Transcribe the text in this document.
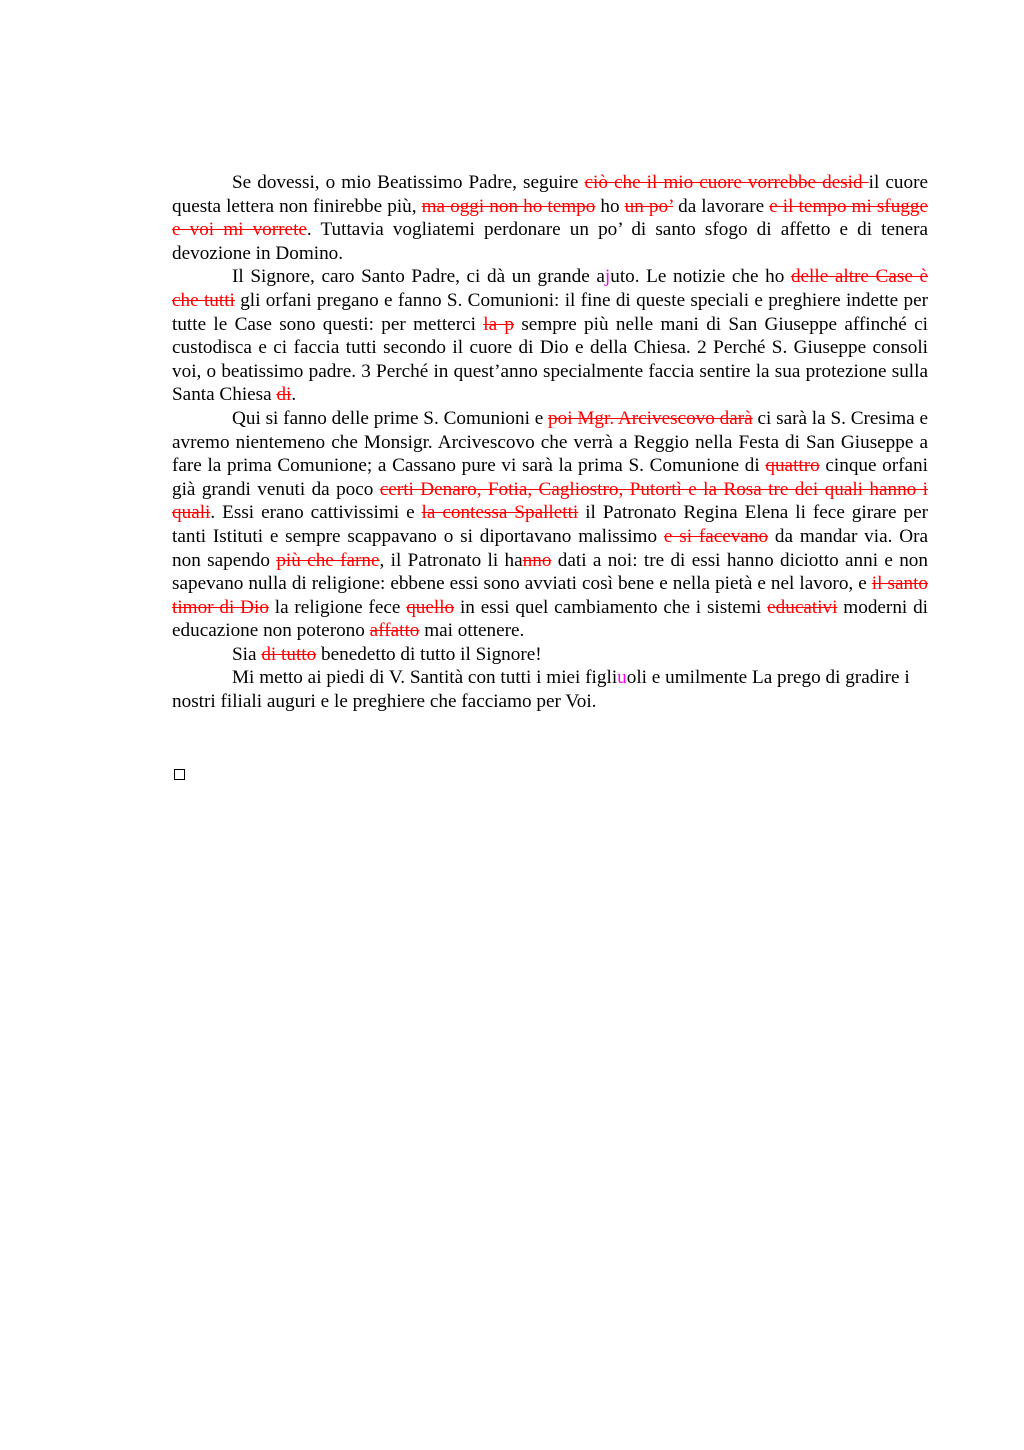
Se dovessi, o mio Beatissimo Padre, seguire ciò che il mio cuore vorrebbe desid il cuore questa lettera non finirebbe più, ma oggi non ho tempo ho un po’ da lavorare e il tempo mi sfugge e voi mi vorrete. Tuttavia vogliatemi perdonare un po’ di santo sfogo di affetto e di tenera devozione in Domino.

Il Signore, caro Santo Padre, ci dà un grande ajuto. Le notizie che ho delle altre Case è che tutti gli orfani pregano e fanno S. Comunioni: il fine di queste speciali e preghiere indette per tutte le Case sono questi: per metterci la p sempre più nelle mani di San Giuseppe affinché ci custodisca e ci faccia tutti secondo il cuore di Dio e della Chiesa. 2 Perché S. Giuseppe consoli voi, o beatissimo padre. 3 Perché in quest’anno specialmente faccia sentire la sua protezione sulla Santa Chiesa di.

Qui si fanno delle prime S. Comunioni e poi Mgr. Arcivescovo darà ci sarà la S. Cresima e avremo nientemeno che Monsigr. Arcivescovo che verrà a Reggio nella Festa di San Giuseppe a fare la prima Comunione; a Cassano pure vi sarà la prima S. Comunione di quattro cinque orfani già grandi venuti da poco certi Denaro, Fotia, Cagliostro, Putortì e la Rosa tre dei quali hanno i quali. Essi erano cattivissimi e la contessa Spalletti il Patronato Regina Elena li fece girare per tanti Istituti e sempre scappavano o si diportavano malissimo e si facevano da mandar via. Ora non sapendo più che farne, il Patronato li hanno dati a noi: tre di essi hanno diciotto anni e non sapevano nulla di religione: ebbene essi sono avviati così bene e nella pietà e nel lavoro, e il santo timor di Dio la religione fece quello in essi quel cambiamento che i sistemi educativi moderni di educazione non poterono affatto mai ottenere.

Sia di tutto benedetto di tutto il Signore!

Mi metto ai piedi di V. Santità con tutti i miei figliuoli e umilmente La prego di gradire i nostri filiali auguri e le preghiere che facciamo per Voi.
